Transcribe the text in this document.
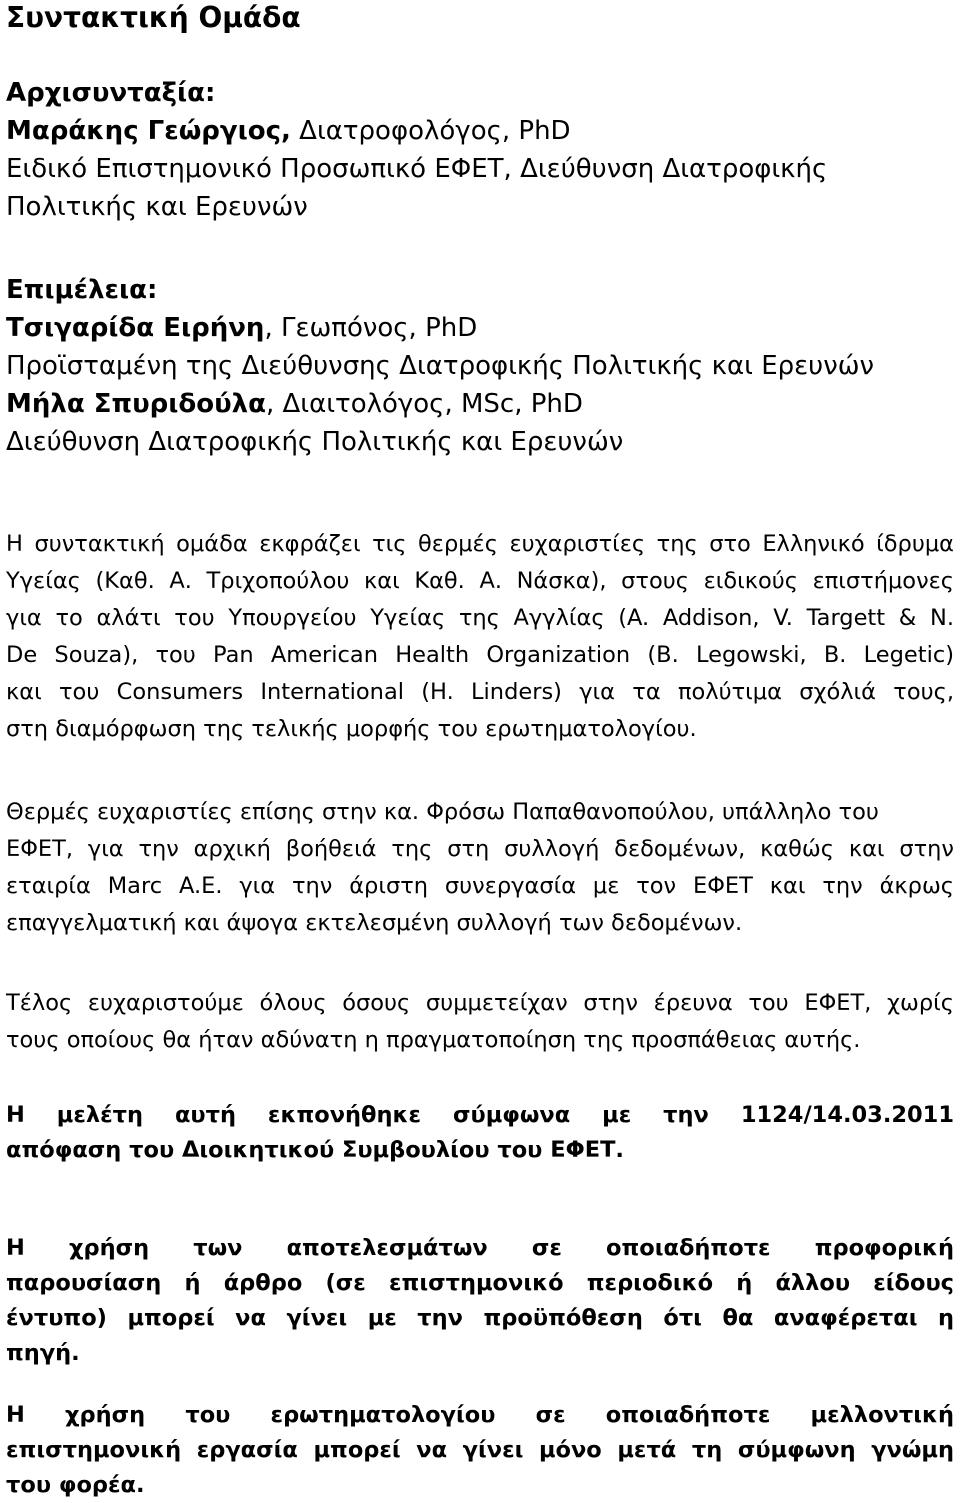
Συντακτική Ομάδα
Αρχισυνταξία:
Μαράκης Γεώργιος, Διατροφολόγος, PhD
Ειδικό Επιστημονικό Προσωπικό ΕΦΕΤ, Διεύθυνση Διατροφικής
Πολιτικής και Ερευνών
Επιμέλεια:
Τσιγαρίδα Ειρήνη, Γεωπόνος, PhD
Προϊσταμένη της Διεύθυνσης Διατροφικής Πολιτικής και Ερευνών
Μήλα Σπυριδούλα, Διαιτολόγος, MSc, PhD
Διεύθυνση Διατροφικής Πολιτικής και Ερευνών
Η συντακτική ομάδα εκφράζει τις θερμές ευχαριστίες της στο Ελληνικό ίδρυμα
Υγείας (Καθ. Α. Τριχοπούλου και Καθ. Α. Νάσκα), στους ειδικούς επιστήμονες
για το αλάτι του Υπουργείου Υγείας της Αγγλίας (A. Addison, V. Targett & N.
De Souza), του Pan American Health Organization (B. Legowski, B. Legetic)
και του Consumers International (H. Linders) για τα πολύτιμα σχόλιά τους,
στη διαμόρφωση της τελικής μορφής του ερωτηματολογίου.
Θερμές ευχαριστίες επίσης στην κα. Φρόσω Παπαθανοπούλου, υπάλληλο του
ΕΦΕΤ, για την αρχική βοήθειά της στη συλλογή δεδομένων, καθώς και στην
εταιρία Marc A.E. για την άριστη συνεργασία με τον ΕΦΕΤ και την άκρως
επαγγελματική και άψογα εκτελεσμένη συλλογή των δεδομένων.
Τέλος ευχαριστούμε όλους όσους συμμετείχαν στην έρευνα του ΕΦΕΤ, χωρίς
τους οποίους θα ήταν αδύνατη η πραγματοποίηση της προσπάθειας αυτής.
Η μελέτη αυτή εκπονήθηκε σύμφωνα με την 1124/14.03.2011
απόφαση του Διοικητικού Συμβουλίου του ΕΦΕΤ.
Η χρήση των αποτελεσμάτων σε οποιαδήποτε προφορική
παρουσίαση ή άρθρο (σε επιστημονικό περιοδικό ή άλλου είδους
έντυπο) μπορεί να γίνει με την προϋπόθεση ότι θα αναφέρεται η
πηγή.
Η χρήση του ερωτηματολογίου σε οποιαδήποτε μελλοντική
επιστημονική εργασία μπορεί να γίνει μόνο μετά τη σύμφωνη γνώμη
του φορέα.
